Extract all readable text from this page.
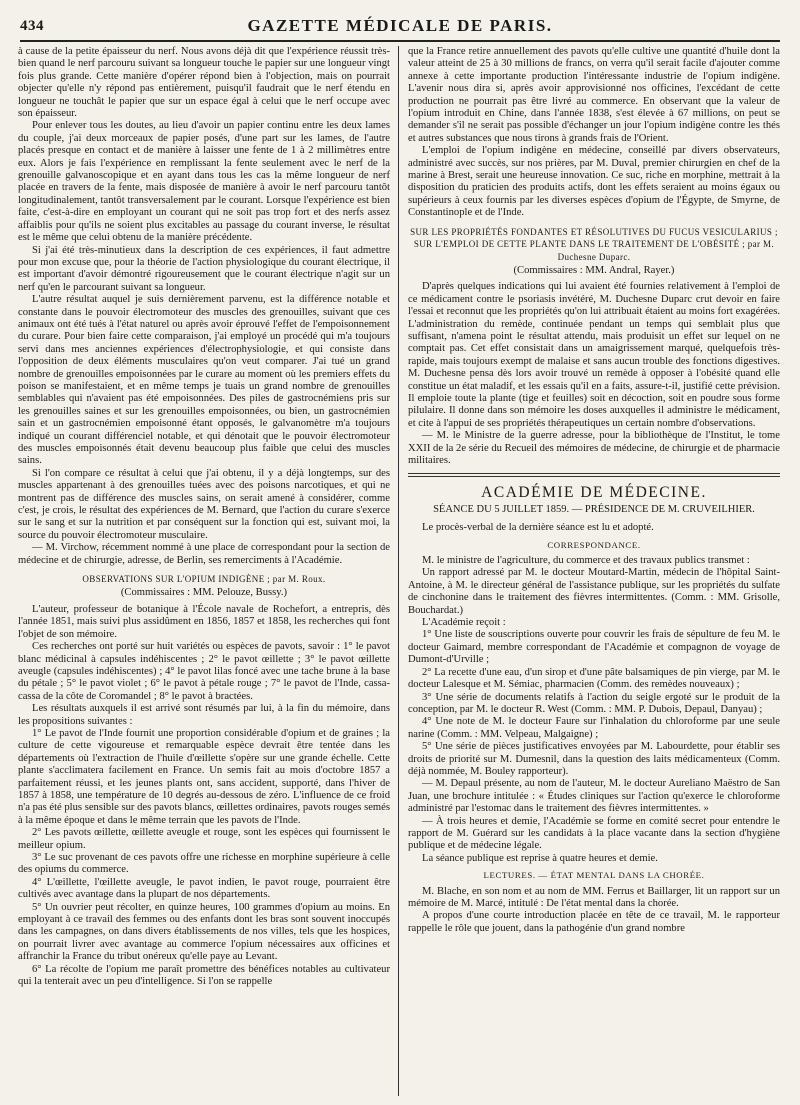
434	GAZETTE MÉDICALE DE PARIS.

à cause de la petite épaisseur du nerf. Nous avons déjà dit que l'expérience réussit très-bien quand le nerf parcouru suivant sa longueur touche le papier sur une longueur vingt fois plus grande. Cette manière d'opérer répond bien à l'objection, mais on pourrait objecter qu'elle n'y répond pas entièrement, puisqu'il faudrait que le nerf étendu en longueur ne touchât le papier que sur un espace égal à celui que le nerf occupe avec son épaisseur.

Pour enlever tous les doutes, au lieu d'avoir un papier continu entre les deux lames du couple, j'ai deux morceaux de papier posés, d'une part sur les lames, de l'autre placés presque en contact et de manière à laisser une fente de 1 à 2 millimètres entre eux. Alors je fais l'expérience en remplissant la fente seulement avec le nerf de la grenouille galvanoscopique et en ayant dans tous les cas la même longueur de nerf placée en travers de la fente, mais disposée de manière à avoir le nerf parcouru tantôt longitudinalement, tantôt transversalement par le courant. Lorsque l'expérience est bien faite, c'est-à-dire en employant un courant qui ne soit pas trop fort et des nerfs assez affaiblis pour qu'ils ne soient plus excitables au passage du courant inverse, le résultat est le même que celui obtenu de la manière précédente.

Si j'ai été très-minutieux dans la description de ces expériences, il faut admettre pour mon excuse que, pour la théorie de l'action physiologique du courant électrique, il est important d'avoir démontré rigoureusement que le courant électrique n'agit sur un nerf qu'en le parcourant suivant sa longueur.

L'autre résultat auquel je suis dernièrement parvenu, est la différence notable et constante dans le pouvoir électromoteur des muscles des grenouilles, suivant que ces animaux ont été tués à l'état naturel ou après avoir éprouvé l'effet de l'empoisonnement du curare. Pour bien faire cette comparaison, j'ai employé un procédé qui m'a toujours servi dans mes anciennes expériences d'électrophysiologie, et qui consiste dans l'opposition de deux éléments musculaires qu'on veut comparer. J'ai tué un grand nombre de grenouilles empoisonnées par le curare au moment où les premiers effets du poison se manifestaient, et en même temps je tuais un grand nombre de grenouilles semblables qui n'avaient pas été empoisonnées. Des piles de gastrocnémiens pris sur les grenouilles saines et sur les grenouilles empoisonnées, ou bien, un gastrocnémien sain et un gastrocnémien empoisonné étant opposés, le galvanomètre m'a toujours indiqué un courant différenciel notable, et qui dénotait que le pouvoir électromoteur des muscles empoisonnés était devenu beaucoup plus faible que celui des muscles sains.

Si l'on compare ce résultat à celui que j'ai obtenu, il y a déjà longtemps, sur des muscles appartenant à des grenouilles tuées avec des poisons narcotiques, et qui ne montrent pas de différence des muscles sains, on serait amené à considérer, comme c'est, je crois, le résultat des expériences de M. Bernard, que l'action du curare s'exerce sur le sang et sur la nutrition et par conséquent sur la fonction qui est, suivant moi, la source du pouvoir électromoteur musculaire.

— M. Virchow, récemment nommé à une place de correspondant pour la section de médecine et de chirurgie, adresse, de Berlin, ses remerciments à l'Académie.

OBSERVATIONS SUR L'OPIUM INDIGÈNE ; par M. Roux.
(Commissaires : MM. Pelouze, Bussy.)

L'auteur, professeur de botanique à l'École navale de Rochefort, a entrepris, dès l'année 1851, mais suivi plus assidûment en 1856, 1857 et 1858, les recherches qui font l'objet de son mémoire.

Ces recherches ont porté sur huit variétés ou espèces de pavots, savoir : 1° le pavot blanc médicinal à capsules indéhiscentes ; 2° le pavot œillette ; 3° le pavot œillette aveugle (capsules indéhiscentes) ; 4° le pavot lilas foncé avec une tache brune à la base du pétale ; 5° le pavot violet ; 6° le pavot à pétale rouge ; 7° le pavot de l'Inde, cassa-cassa de la côte de Coromandel ; 8° le pavot à bractées.

Les résultats auxquels il est arrivé sont résumés par lui, à la fin du mémoire, dans les propositions suivantes :

1° Le pavot de l'Inde fournit une proportion considérable d'opium et de graines ; la culture de cette vigoureuse et remarquable espèce devrait être tentée dans les départements où l'extraction de l'huile d'œillette s'opère sur une grande échelle. Cette plante s'acclimatera facilement en France. Un semis fait au mois d'octobre 1857 a parfaitement réussi, et les jeunes plants ont, sans accident, supporté, dans l'hiver de 1857 à 1858, une température de 10 degrés au-dessous de zéro. L'influence de ce froid n'a pas été plus sensible sur des pavots blancs, œillettes ordinaires, pavots rouges semés à la même époque et dans le même terrain que les pavots de l'Inde.

2° Les pavots œillette, œillette aveugle et rouge, sont les espèces qui fournissent le meilleur opium.

3° Le suc provenant de ces pavots offre une richesse en morphine supérieure à celle des opiums du commerce.

4° L'œillette, l'œillette aveugle, le pavot indien, le pavot rouge, pourraient être cultivés avec avantage dans la plupart de nos départements.

5° Un ouvrier peut récolter, en quinze heures, 100 grammes d'opium au moins. En employant à ce travail des femmes ou des enfants dont les bras sont souvent inoccupés dans les campagnes, on dans divers établissements de nos villes, tels que les hospices, on pourrait livrer avec avantage au commerce l'opium nécessaires aux officines et affranchir la France du tribut onéreux qu'elle paye au Levant.

6° La récolte de l'opium me paraît promettre des bénéfices notables au cultivateur qui la tenterait avec un peu d'intelligence. Si l'on se rappelle

que la France retire annuellement des pavots qu'elle cultive une quantité d'huile dont la valeur atteint de 25 à 30 millions de francs, on verra qu'il serait facile d'ajouter comme annexe à cette importante production l'intéressante industrie de l'opium indigène. L'avenir nous dira si, après avoir approvisionné nos officines, l'excédant de cette production ne pourrait pas être livré au commerce. En observant que la valeur de l'opium introduit en Chine, dans l'année 1838, s'est élevée à 67 millions, on peut se demander s'il ne serait pas possible d'échanger un jour l'opium indigène contre les thés et autres substances que nous tirons à grands frais de l'Orient.

L'emploi de l'opium indigène en médecine, conseillé par divers observateurs, administré avec succès, sur nos prières, par M. Duval, premier chirurgien en chef de la marine à Brest, serait une heureuse innovation. Ce suc, riche en morphine, mettrait à la disposition du praticien des produits actifs, dont les effets seraient au moins égaux ou supérieurs à ceux fournis par les diverses espèces d'opium de l'Égypte, de Smyrne, de Constantinople et de l'Inde.

SUR LES PROPRIÉTÉS FONDANTES ET RÉSOLUTIVES DU FUCUS VESICULARIUS ; SUR L'EMPLOI DE CETTE PLANTE DANS LE TRAITEMENT DE L'OBÉSITÉ ; par M. Duchesne Duparc.
(Commissaires : MM. Andral, Rayer.)

D'après quelques indications qui lui avaient été fournies relativement à l'emploi de ce médicament contre le psoriasis invétéré, M. Duchesne Duparc crut devoir en faire l'essai et reconnut que les propriétés qu'on lui attribuait étaient au moins fort exagérées. L'administration du remède, continuée pendant un temps qui semblait plus que suffisant, n'amena point le résultat attendu, mais produisit un effet sur lequel on ne comptait pas. Cet effet consistait dans un amaigrissement marqué, quelquefois très-rapide, mais toujours exempt de malaise et sans aucun trouble des fonctions digestives. M. Duchesne pensa dès lors avoir trouvé un remède à opposer à l'obésité quand elle constitue un état maladif, et les essais qu'il en a faits, assure-t-il, justifié cette prévision. Il emploie toute la plante (tige et feuilles) soit en décoction, soit en poudre sous forme pilulaire. Il donne dans son mémoire les doses auxquelles il administre le médicament, et cite à l'appui de ses propriétés thérapeutiques un certain nombre d'observations.

— M. le Ministre de la guerre adresse, pour la bibliothèque de l'Institut, le tome XXII de la 2e série du Recueil des mémoires de médecine, de chirurgie et de pharmacie militaires.

ACADÉMIE DE MÉDECINE.
SÉANCE DU 5 JUILLET 1859. — PRÉSIDENCE DE M. CRUVEILHIER.

Le procès-verbal de la dernière séance est lu et adopté.

CORRESPONDANCE.

M. le ministre de l'agriculture, du commerce et des travaux publics transmet :

Un rapport adressé par M. le docteur Moutard-Martin, médecin de l'hôpital Saint-Antoine, à M. le directeur général de l'assistance publique, sur les propriétés du sulfate de cinchonine dans le traitement des fièvres intermittentes. (Comm. : MM. Grisolle, Bouchardat.)

L'Académie reçoit :

1° Une liste de souscriptions ouverte pour couvrir les frais de sépulture de feu M. le docteur Gaimard, membre correspondant de l'Académie et compagnon de voyage de Dumont-d'Urville ;

2° La recette d'une eau, d'un sirop et d'une pâte balsamiques de pin vierge, par M. le docteur Lalesque et M. Sémiac, pharmacien (Comm. des remèdes nouveaux) ;

3° Une série de documents relatifs à l'action du seigle ergoté sur le produit de la conception, par M. le docteur R. West (Comm. : MM. P. Dubois, Depaul, Danyau) ;

4° Une note de M. le docteur Faure sur l'inhalation du chloroforme par une seule narine (Comm. : MM. Velpeau, Malgaigne) ;

5° Une série de pièces justificatives envoyées par M. Labourdette, pour établir ses droits de priorité sur M. Dumesnil, dans la question des laits médicamenteux (Comm. déjà nommée, M. Bouley rapporteur).

— M. Depaul présente, au nom de l'auteur, M. le docteur Aureliano Maëstro de San Juan, une brochure intitulée : « Études cliniques sur l'action qu'exerce le chloroforme administré par l'estomac dans le traitement des fièvres intermittentes. »

— À trois heures et demie, l'Académie se forme en comité secret pour entendre le rapport de M. Guérard sur les candidats à la place vacante dans la section d'hygiène publique et de médecine légale.

La séance publique est reprise à quatre heures et demie.

LECTURES. — ÉTAT MENTAL DANS LA CHORÉE.

M. Blache, en son nom et au nom de MM. Ferrus et Baillarger, lit un rapport sur un mémoire de M. Marcé, intitulé : De l'état mental dans la chorée.

A propos d'une courte introduction placée en tête de ce travail, M. le rapporteur rappelle le rôle que jouent, dans la pathogénie d'un grand nombre
